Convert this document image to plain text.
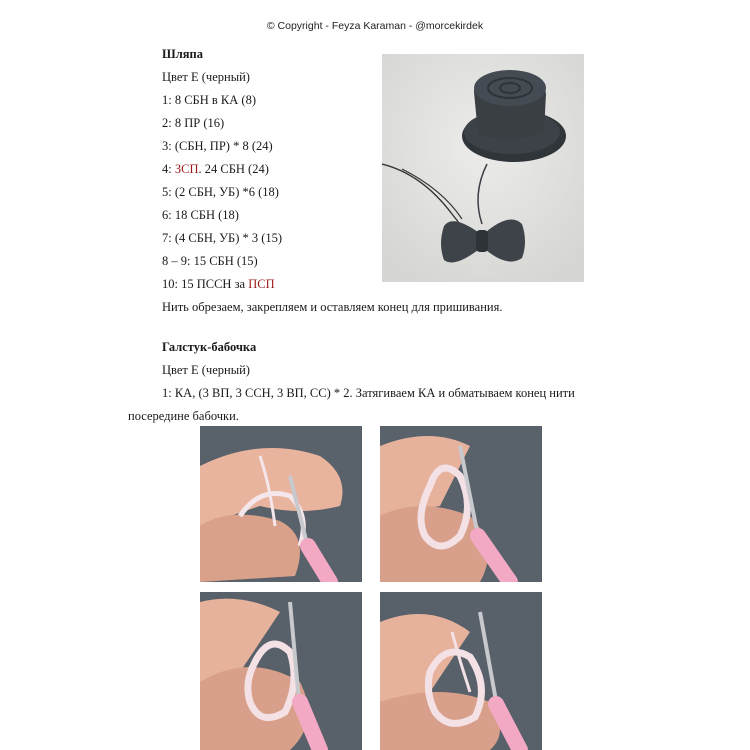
© Copyright - Feyza Karaman - @morcekirdek
Шляпа
Цвет E (черный)
1: 8 СБН в КА (8)
2: 8 ПР (16)
3: (СБН, ПР) * 8 (24)
4: ЗСП. 24 СБН (24)
5: (2 СБН, УБ) *6 (18)
6: 18 СБН (18)
7: (4 СБН, УБ) * 3 (15)
8 – 9: 15 СБН (15)
10: 15 ПССН за ПСП
Нить обрезаем, закрепляем и оставляем конец для пришивания.
Галстук-бабочка
Цвет E (черный)
1: КА, (3 ВП, 3 ССН, 3 ВП, СС) * 2. Затягиваем КА и обматываем конец нити
посередине бабочки.
